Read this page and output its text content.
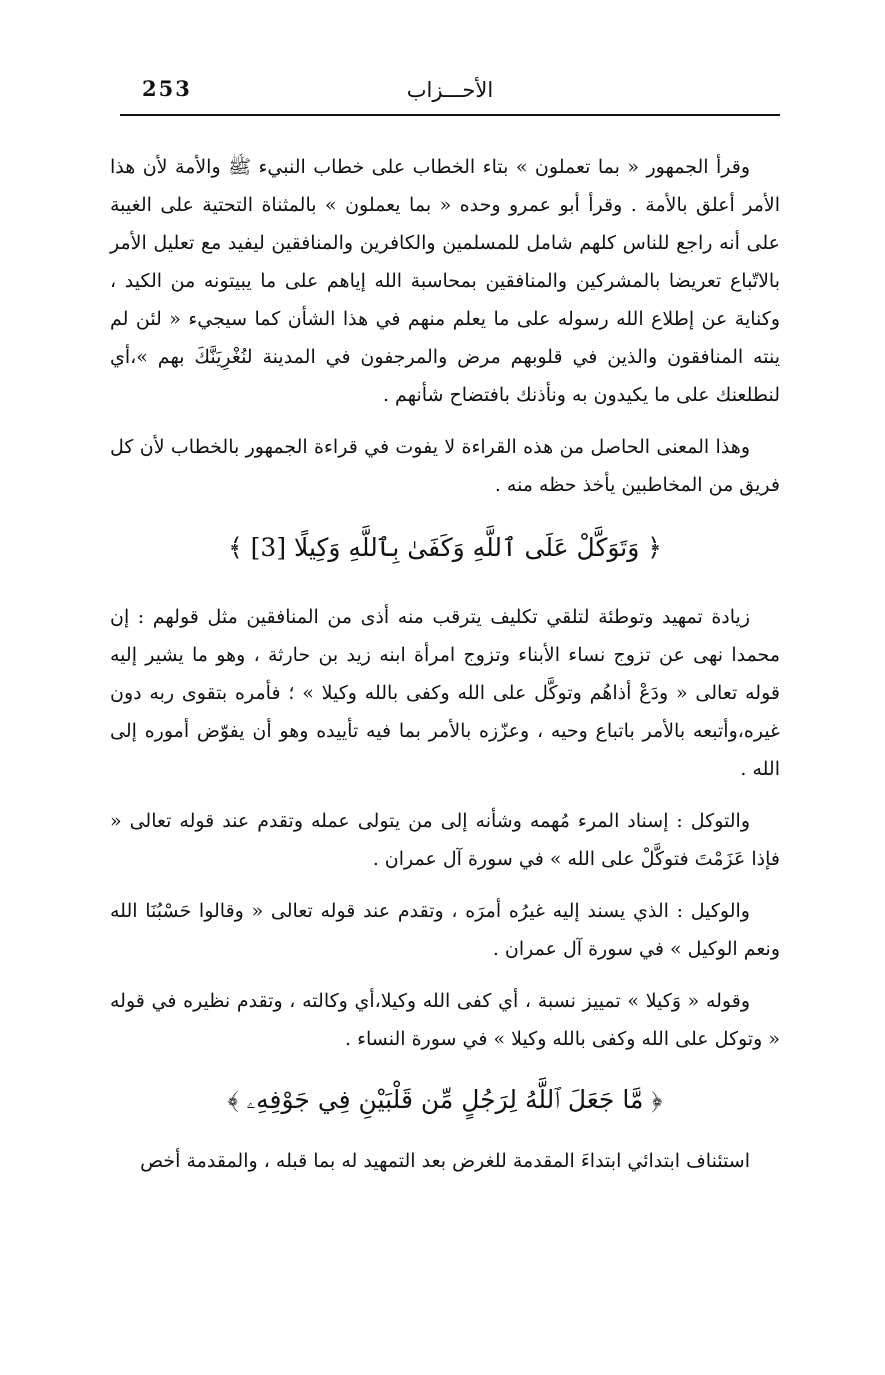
253	الأحـــزاب

وقرأ الجمهور « بما تعملون » بتاء الخطاب على خطاب النبيء ﷺ والأمة لأن هذا الأمر أعلق بالأمة . وقرأ أبو عمرو وحده « بما يعملون » بالمثناة التحتية على الغيبة على أنه راجع للناس كلهم شامل للمسلمين والكافرين والمنافقين ليفيد مع تعليل الأمر بالاتّباع تعريضا بالمشركين والمنافقين بمحاسبة الله إياهم على ما يبيتونه من الكيد ، وكناية عن إطلاع الله رسوله على ما يعلم منهم في هذا الشأن كما سيجيء « لئن لم ينته المنافقون والذين في قلوبهم مرض والمرجفون في المدينة لنُغْرِيَنَّكَ بهم »،أي لنطلعنك على ما يكيدون به ونأذنك بافتضاح شأنهم .

وهذا المعنى الحاصل من هذه القراءة لا يفوت في قراءة الجمهور بالخطاب لأن كل فريق من المخاطبين يأخذ حظه منه .

﴿ وَتَوَكَّلْ عَلَى ٱللَّهِ وَكَفَىٰ بِٱللَّهِ وَكِيلًا [3] ﴾

زيادة تمهيد وتوطئة لتلقي تكليف يترقب منه أذى من المنافقين مثل قولهم : إن محمدا نهى عن تزوج نساء الأبناء وتزوج امرأة ابنه زيد بن حارثة ، وهو ما يشير إليه قوله تعالى « ودَعْ أذاهُم وتوكَّل على الله وكفى بالله وكيلا » ؛ فأمره بتقوى ربه دون غيره،وأتبعه بالأمر باتباع وحيه ، وعزّزه بالأمر بما فيه تأييده وهو أن يفوّض أموره إلى الله .

والتوكل : إسناد المرء مُهمه وشأنه إلى من يتولى عمله وتقدم عند قوله تعالى « فإذا عَزَمْتَ فتوكَّلْ على الله » في سورة آل عمران .

والوكيل : الذي يسند إليه غيرُه أمرَه ، وتقدم عند قوله تعالى « وقالوا حَسْبُنَا الله ونعم الوكيل » في سورة آل عمران .

وقوله « وَكيلا » تمييز نسبة ، أي كفى الله وكيلا،أي وكالته ، وتقدم نظيره في قوله « وتوكل على الله وكفى بالله وكيلا » في سورة النساء .

﴿ مَّا جَعَلَ ٱللَّهُ لِرَجُلٍ مِّن قَلْبَيْنِ فِي جَوْفِهِۦ ﴾

استئناف ابتدائي ابتداءَ المقدمة للغرض بعد التمهيد له بما قبله ، والمقدمة أخص
